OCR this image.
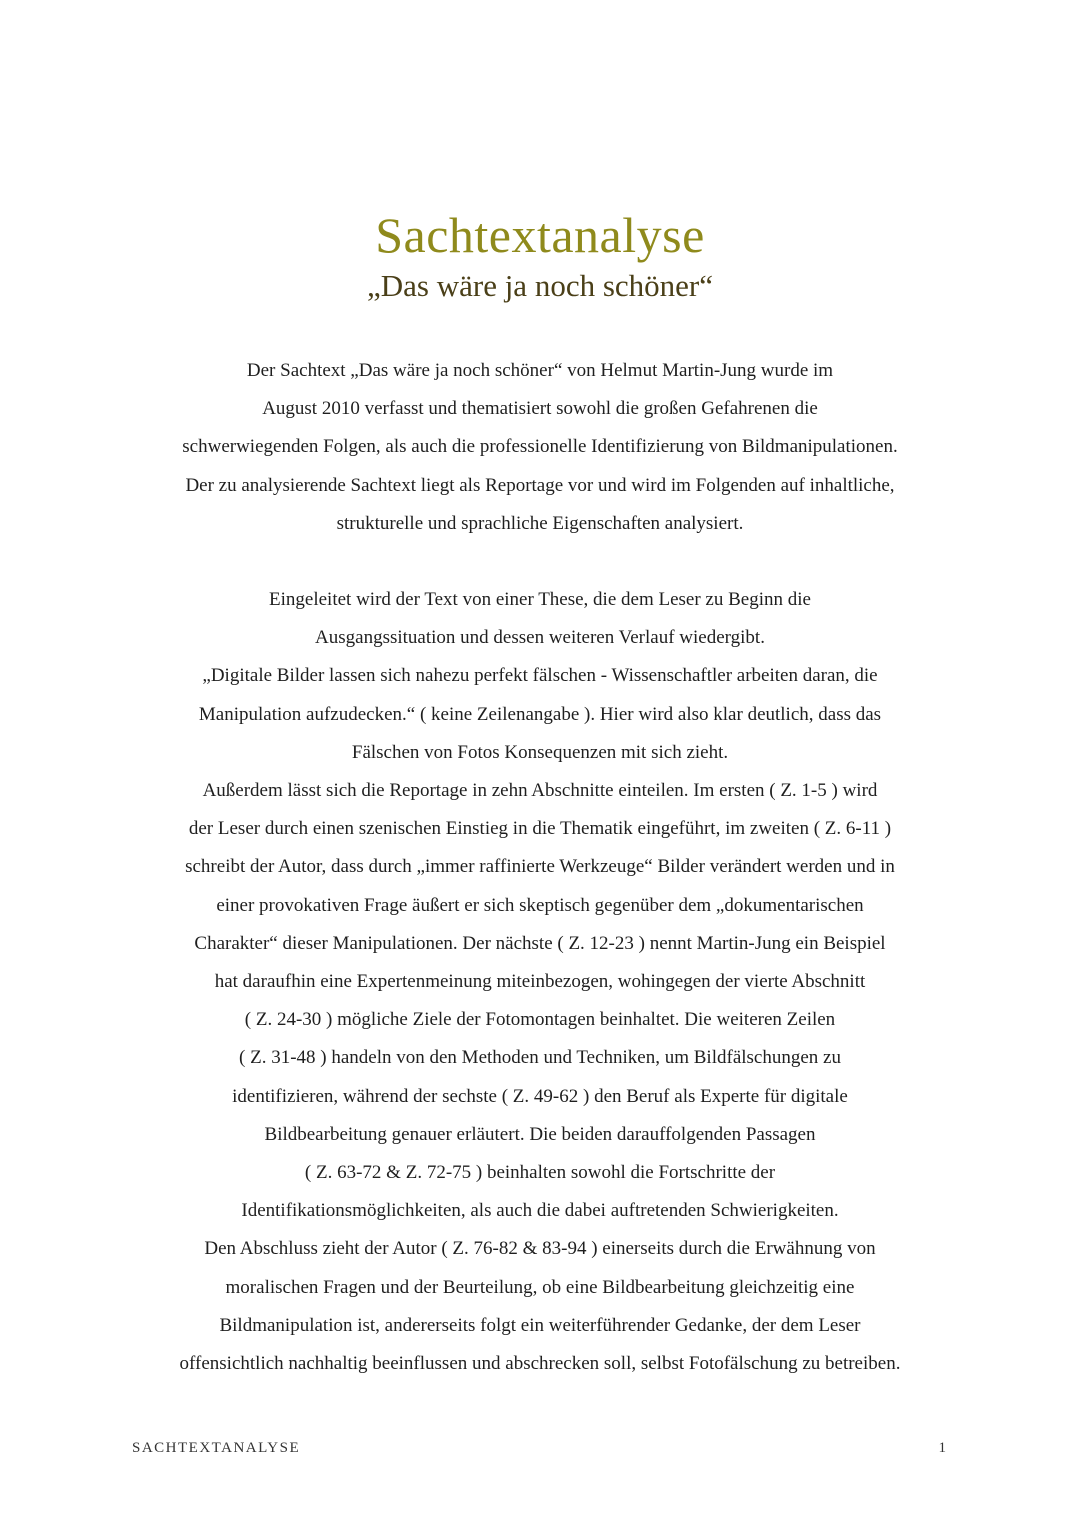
Sachtextanalyse
„Das wäre ja noch schöner“

Der Sachtext „Das wäre ja noch schöner“ von Helmut Martin-Jung wurde im
August 2010 verfasst und thematisiert sowohl die großen Gefahrenen die
schwerwiegenden Folgen, als auch die professionelle Identifizierung von Bildmanipulationen.
Der zu analysierende Sachtext liegt als Reportage vor und wird im Folgenden auf inhaltliche,
strukturelle und sprachliche Eigenschaften analysiert.

Eingeleitet wird der Text von einer These, die dem Leser zu Beginn die
Ausgangssituation und dessen weiteren Verlauf wiedergibt.
„Digitale Bilder lassen sich nahezu perfekt fälschen - Wissenschaftler arbeiten daran, die
Manipulation aufzudecken.“ ( keine Zeilenangabe ). Hier wird also klar deutlich, dass das
Fälschen von Fotos Konsequenzen mit sich zieht.
Außerdem lässt sich die Reportage in zehn Abschnitte einteilen. Im ersten ( Z. 1-5 ) wird
der Leser durch einen szenischen Einstieg in die Thematik eingeführt, im zweiten ( Z. 6-11 )
schreibt der Autor, dass durch „immer raffinierte Werkzeuge“ Bilder verändert werden und in
einer provokativen Frage äußert er sich skeptisch gegenüber dem „dokumentarischen
Charakter“ dieser Manipulationen. Der nächste ( Z. 12-23 ) nennt Martin-Jung ein Beispiel
hat daraufhin eine Expertenmeinung miteinbezogen, wohingegen der vierte Abschnitt
( Z. 24-30 ) mögliche Ziele der Fotomontagen beinhaltet. Die weiteren Zeilen
( Z. 31-48 ) handeln von den Methoden und Techniken, um Bildfälschungen zu
identifizieren, während der sechste ( Z. 49-62 ) den Beruf als Experte für digitale
Bildbearbeitung genauer erläutert. Die beiden darauffolgenden Passagen
( Z. 63-72 & Z. 72-75 ) beinhalten sowohl die Fortschritte der
Identifikationsmöglichkeiten, als auch die dabei auftretenden Schwierigkeiten.
Den Abschluss zieht der Autor ( Z. 76-82 & 83-94 ) einerseits durch die Erwähnung von
moralischen Fragen und der Beurteilung, ob eine Bildbearbeitung gleichzeitig eine
Bildmanipulation ist, andererseits folgt ein weiterführender Gedanke, der dem Leser
offensichtlich nachhaltig beeinflussen und abschrecken soll, selbst Fotofälschung zu betreiben.

SACHTEXTANALYSE	1
